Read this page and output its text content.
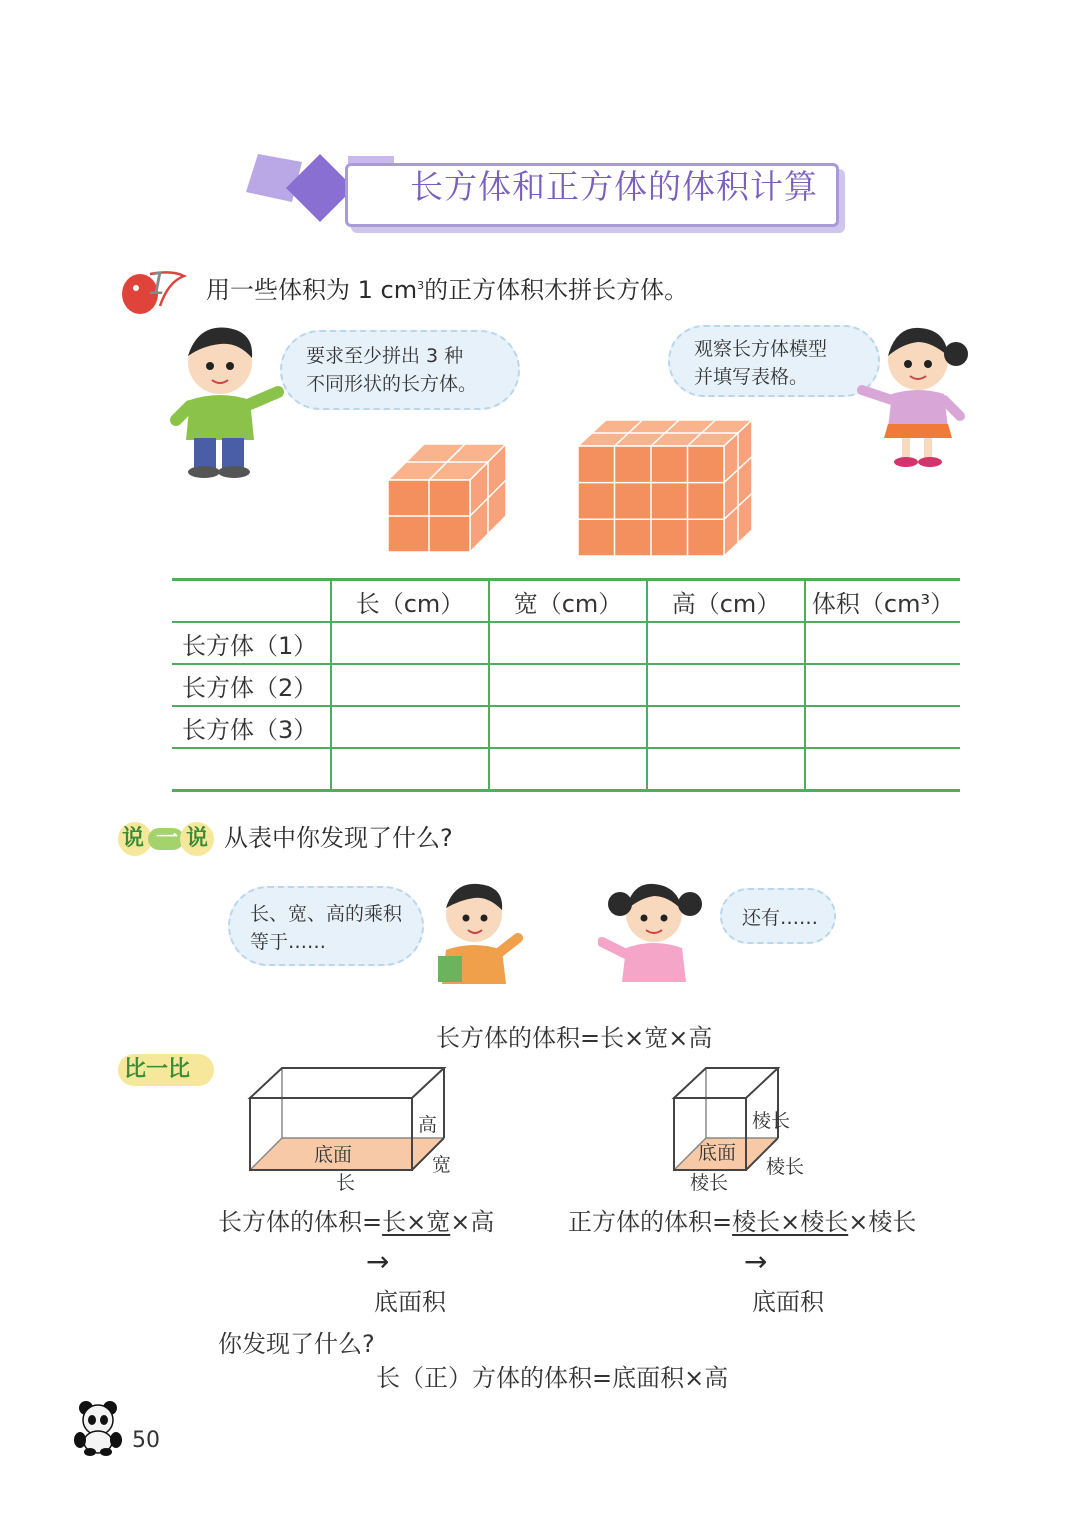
长方体和正方体的体积计算
1 用一些体积为 1 $cm^3$的正方体积木拼长方体。
要求至少拼出 3 种
不同形状的长方体。
观察长方体模型
并填写表格。
	长（cm）	宽（cm）	高（cm）	体积（cm³）
长方体（1）				
长方体（2）				
长方体（3）				

说 一 说 从表中你发现了什么?
长、宽、高的乘积
等于……
还有……
长方体的体积=长×宽×高
比一比
高
底面	宽
长
棱长
底面
棱长
棱长
长方体的体积=长×宽×高	正方体的体积=棱长×棱长×棱长
→	→
底面积	底面积
你发现了什么?
长（正）方体的体积=底面积×高
50
